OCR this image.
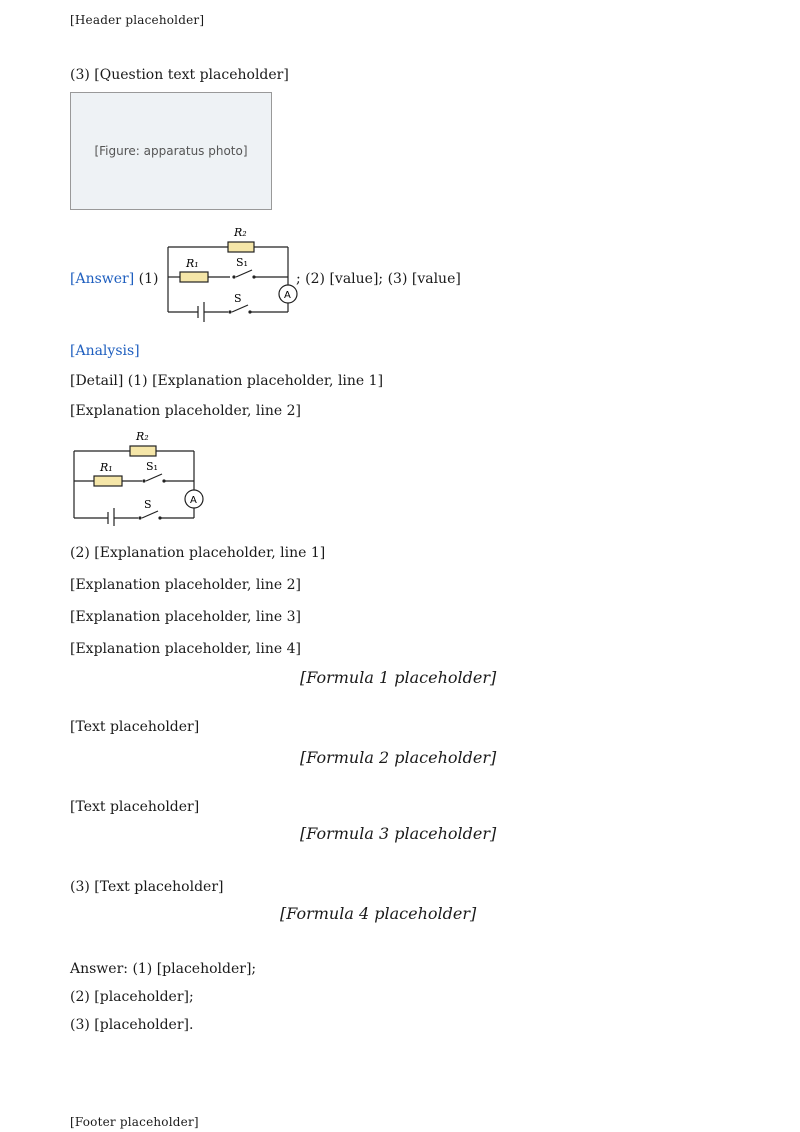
[Header placeholder]
(3) [Question text placeholder]
[Figure: apparatus photo]
[Answer] (1)	; (2) [value]; (3) [value]
A
R₂
R₁	S₁
S
[Analysis]
[Detail] (1) [Explanation placeholder, line 1]
[Explanation placeholder, line 2]
A
R₂
R₁	S₁
S
(2) [Explanation placeholder, line 1]
[Explanation placeholder, line 2]
[Explanation placeholder, line 3]
[Explanation placeholder, line 4]
[Formula 1 placeholder]
[Text placeholder]
[Formula 2 placeholder]
[Text placeholder]
[Formula 3 placeholder]
(3) [Text placeholder]
[Formula 4 placeholder]
Answer: (1) [placeholder];
(2) [placeholder];
(3) [placeholder].
[Footer placeholder]
